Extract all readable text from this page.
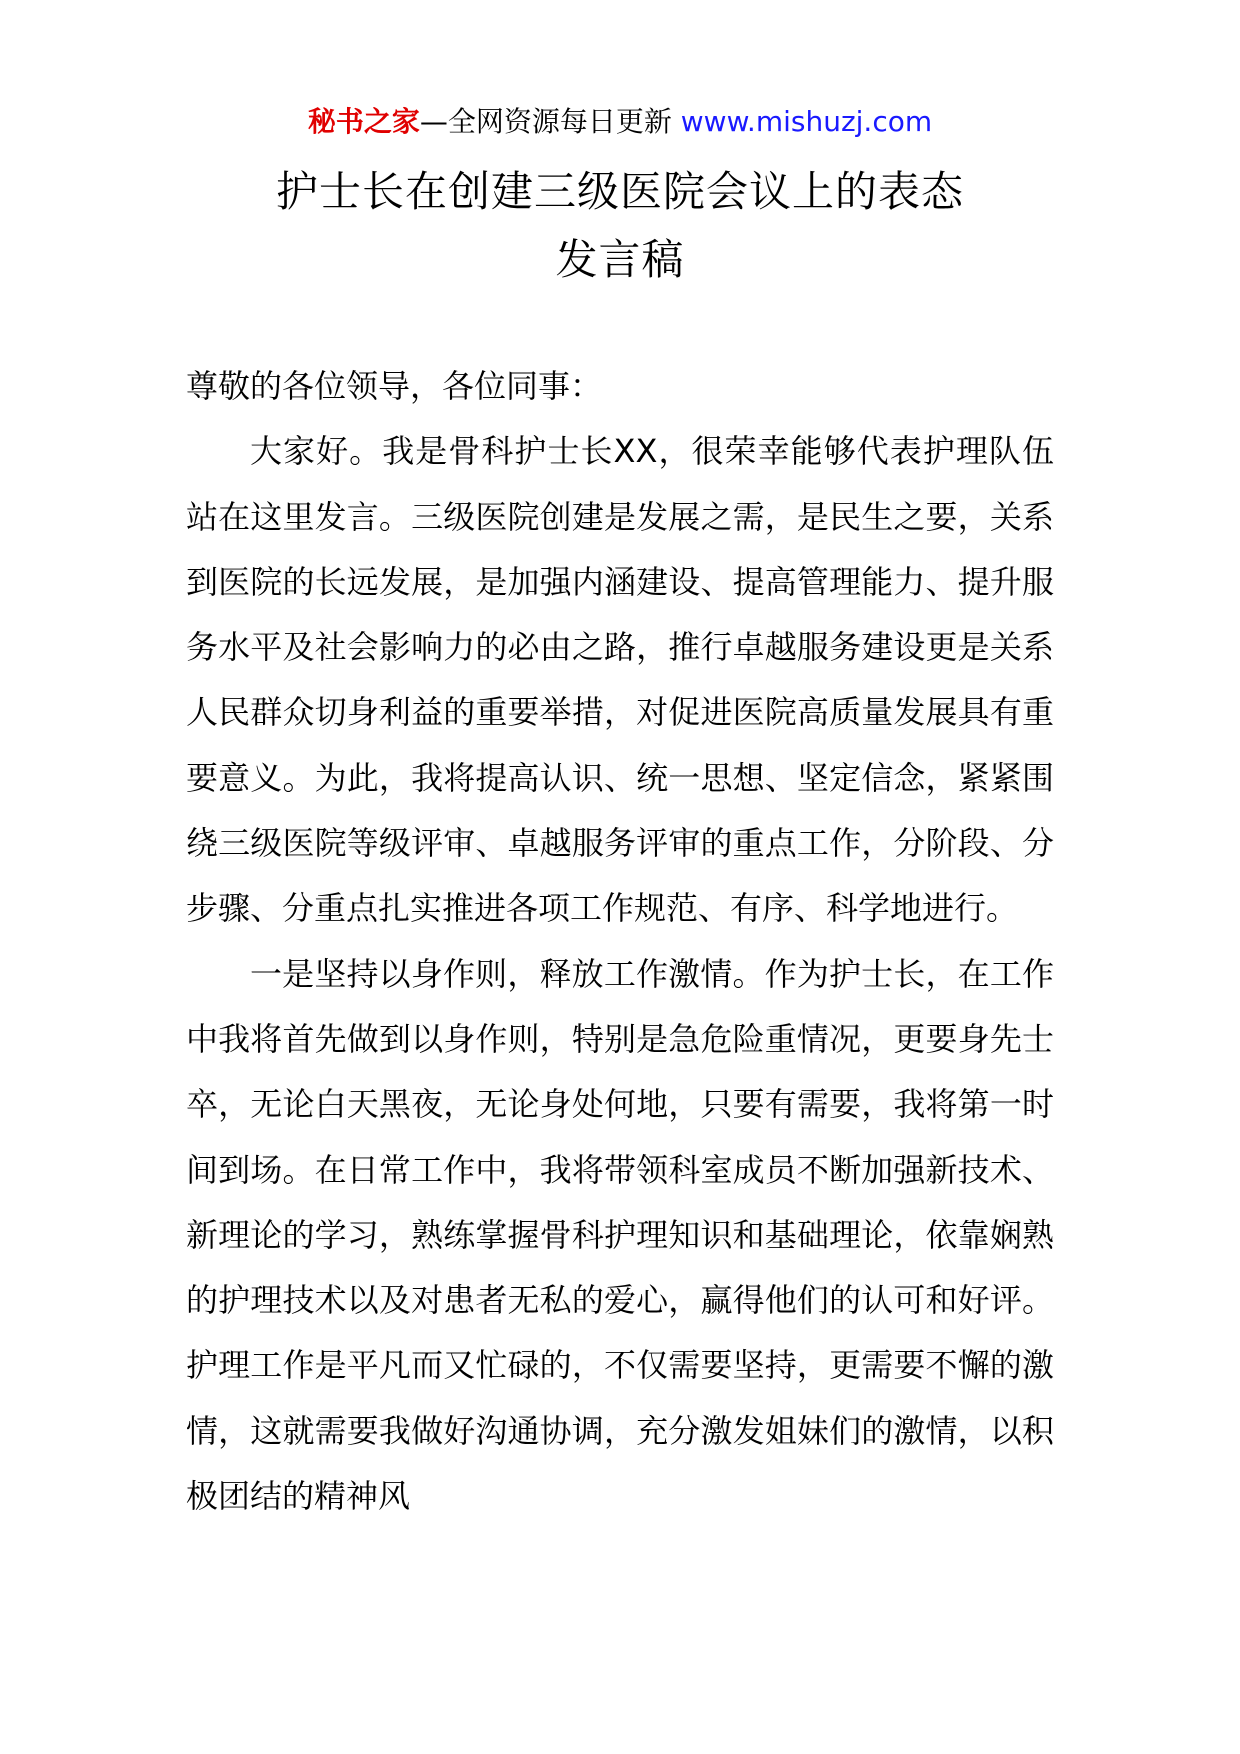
秘书之家—全网资源每日更新 www.mishuzj.com
护士长在创建三级医院会议上的表态
发言稿

尊敬的各位领导，各位同事：

大家好。我是骨科护士长XX，很荣幸能够代表护理队伍站在这里发言。三级医院创建是发展之需，是民生之要，关系到医院的长远发展，是加强内涵建设、提高管理能力、提升服务水平及社会影响力的必由之路，推行卓越服务建设更是关系人民群众切身利益的重要举措，对促进医院高质量发展具有重要意义。为此，我将提高认识、统一思想、坚定信念，紧紧围绕三级医院等级评审、卓越服务评审的重点工作，分阶段、分步骤、分重点扎实推进各项工作规范、有序、科学地进行。

一是坚持以身作则，释放工作激情。作为护士长，在工作中我将首先做到以身作则，特别是急危险重情况，更要身先士卒，无论白天黑夜，无论身处何地，只要有需要，我将第一时间到场。在日常工作中，我将带领科室成员不断加强新技术、新理论的学习，熟练掌握骨科护理知识和基础理论，依靠娴熟的护理技术以及对患者无私的爱心，赢得他们的认可和好评。护理工作是平凡而又忙碌的，不仅需要坚持，更需要不懈的激情，这就需要我做好沟通协调，充分激发姐妹们的激情，以积极团结的精神风
